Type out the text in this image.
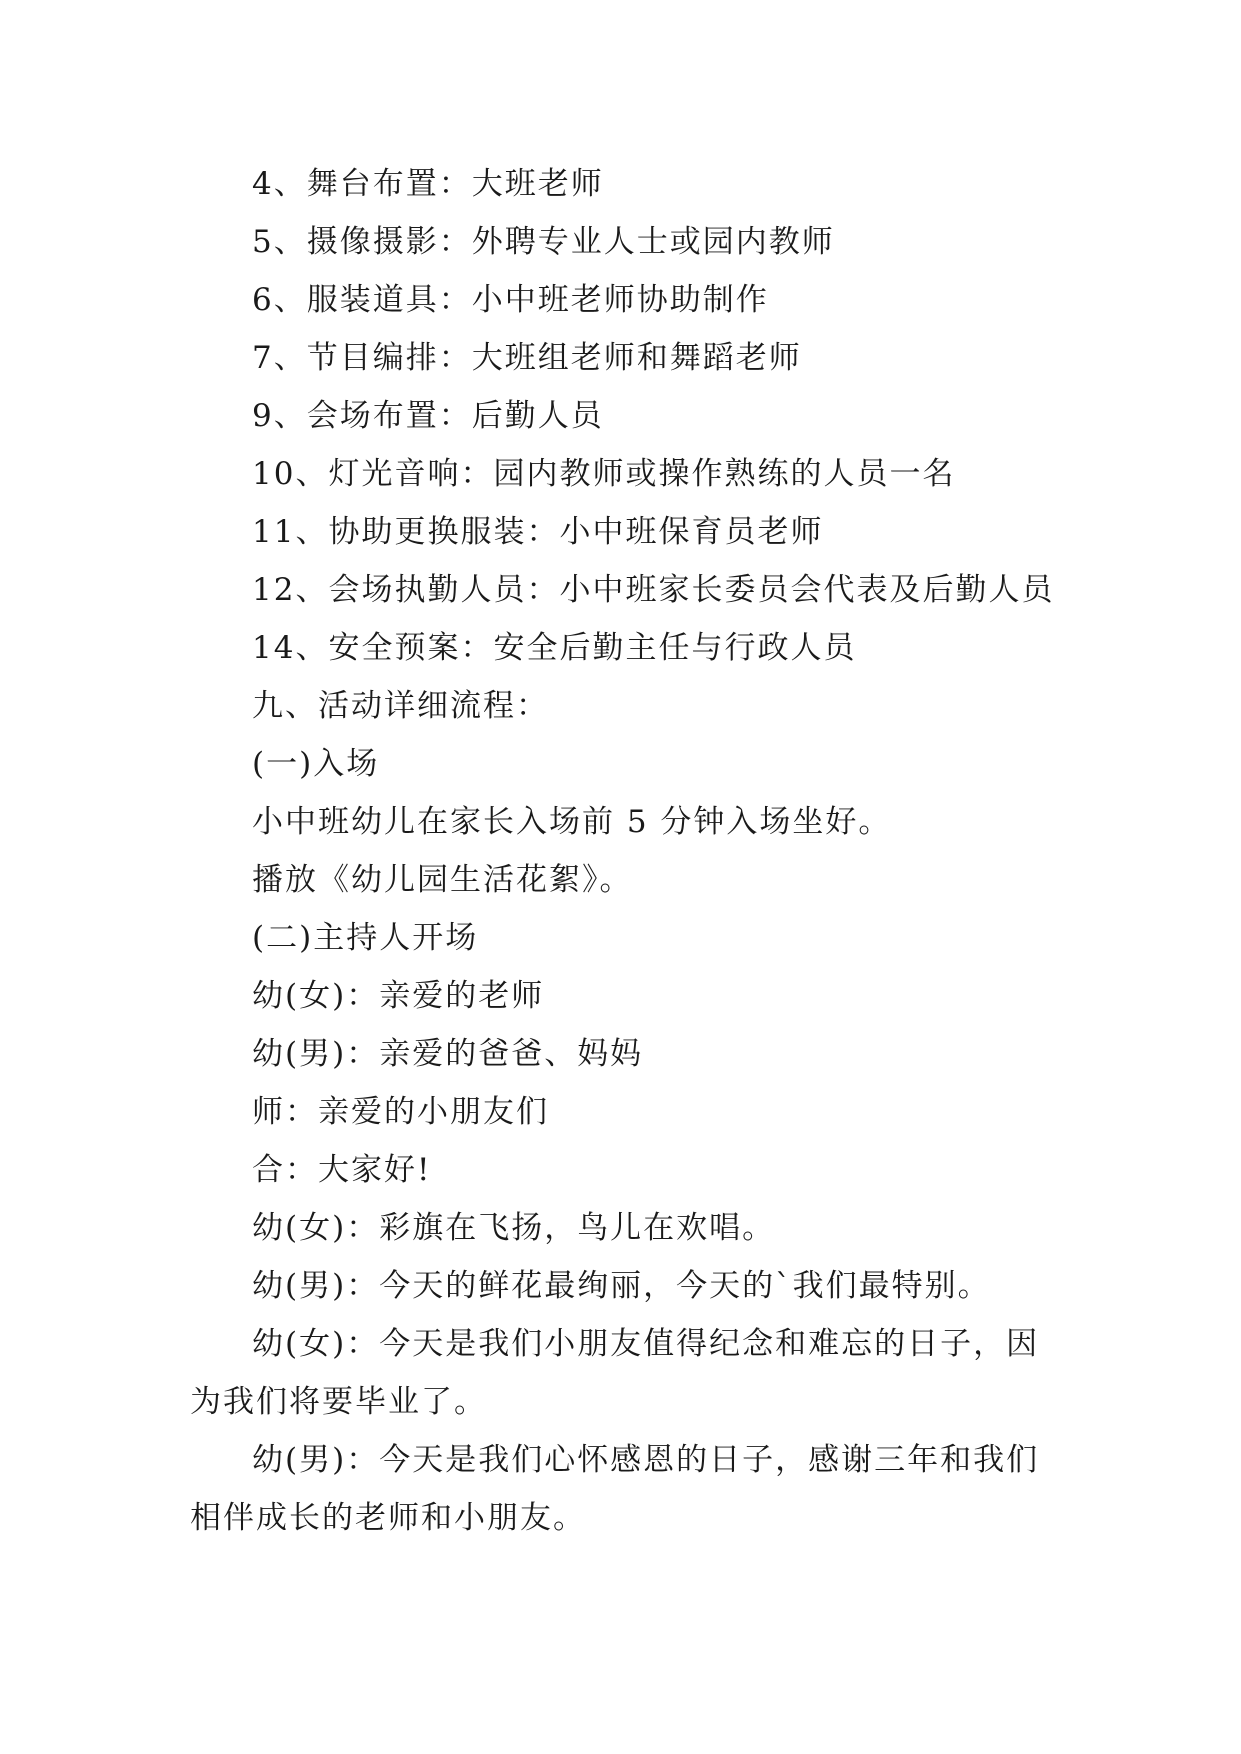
4、舞台布置：大班老师

5、摄像摄影：外聘专业人士或园内教师

6、服装道具：小中班老师协助制作

7、节目编排：大班组老师和舞蹈老师

9、会场布置：后勤人员

10、灯光音响：园内教师或操作熟练的人员一名

11、协助更换服装：小中班保育员老师

12、会场执勤人员：小中班家长委员会代表及后勤人员

14、安全预案：安全后勤主任与行政人员

九、活动详细流程：

(一)入场

小中班幼儿在家长入场前 5 分钟入场坐好。

播放《幼儿园生活花絮》。

(二)主持人开场

幼(女)：亲爱的老师

幼(男)：亲爱的爸爸、妈妈

师：亲爱的小朋友们

合：大家好!

幼(女)：彩旗在飞扬，鸟儿在欢唱。

幼(男)：今天的鲜花最绚丽，今天的`我们最特别。

幼(女)：今天是我们小朋友值得纪念和难忘的日子，因
为我们将要毕业了。
幼(男)：今天是我们心怀感恩的日子，感谢三年和我们
相伴成长的老师和小朋友。
